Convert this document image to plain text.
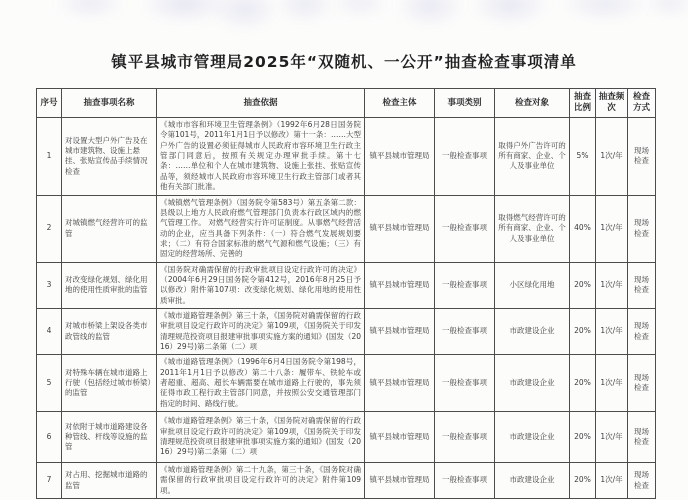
镇平县城市管理局2025年“双随机、一公开”抽查检查事项清单
序号	抽查事项名称	抽查依据	检查主体	事项类别	检查对象	抽查比例	抽查频次	检查方式
1	对设置大型户外广告及在城市建筑物、设施上悬挂、张贴宣传品手续情况检查	《城市市容和环境卫生管理条例》（1992年6月28日国务院令第101号，2011年1月1日予以修改）第十一条：……大型户外广告的设置必须征得城市人民政府市容环境卫生行政主管部门同意后，按照有关规定办理审批手续。第十七条：……单位和个人在城市建筑物、设施上张挂、张贴宣传品等，须经城市人民政府市容环境卫生行政主管部门或者其他有关部门批准。	镇平县城市管理局	一般检查事项	取得户外广告许可的所有商家、企业、个人及事业单位	5%	1次/年	现场检查
2	对城镇燃气经营许可的监管	《城镇燃气管理条例》（国务院令第583号）第五条第二款：县级以上地方人民政府燃气管理部门负责本行政区域内的燃气管理工作。 对燃气经营实行许可证制度。从事燃气经营活动的企业，应当具备下列条件：（一）符合燃气发展规划要求；（二）有符合国家标准的燃气气源和燃气设施；（三）有固定的经营场所、完善的	镇平县城市管理局	一般检查事项	取得燃气经营许可的所有商家、企业、个人及事业单位	40%	1次/年	现场检查
3	对改变绿化规划、绿化用地的使用性质审批的监管	《国务院对确需保留的行政审批项目设定行政许可的决定》（2004年6月29日国务院令第412号，2016年8月25日予以修改）附件第107项：改变绿化规划、绿化用地的使用性质审批。	镇平县城市管理局	一般检查事项	小区绿化用地	20%	1次/年	现场检查
4	对城市桥梁上架设各类市政管线的监管	《城市道路管理条例》第三十条，《国务院对确需保留的行政审批项目设定行政许可的决定》第109项，《国务院关于印发清理规范投资项目报建审批事项实施方案的通知》(国发（2016）29号)第二条第（二）项	镇平县城市管理局	一般检查事项	市政建设企业	20%	1次/年	现场检查
5	对特殊车辆在城市道路上行驶（包括经过城市桥梁）的监管	《城市道路管理条例》（1996年6月4日国务院令第198号，2011年1月1日予以修改）第二十八条：履带车、铁轮车或者超重、超高、超长车辆需要在城市道路上行驶的，事先须征得市政工程行政主管部门同意，并按照公安交通管理部门指定的时间、路线行驶。	镇平县城市管理局	一般检查事项	市政建设企业	20%	1次/年	现场检查
6	对依附于城市道路建设各种管线、杆线等设施的监管	《城市道路管理条例》第三十条，《国务院对确需保留的行政审批项目设定行政许可的决定》第109项，《国务院关于印发清理规范投资项目报建审批事项实施方案的通知》(国发（2016）29号)第二条第（二）项	镇平县城市管理局	一般检查事项	市政建设企业	20%	1次/年	现场检查
7	对占用、挖掘城市道路的监管	《城市道路管理条例》第二十九条，第三十条，《国务院对确需保留的行政审批项目设定行政许可的决定》附件第109项。	镇平县城市管理局	一般检查事项	市政建设企业	20%	1次/年	现场检查
